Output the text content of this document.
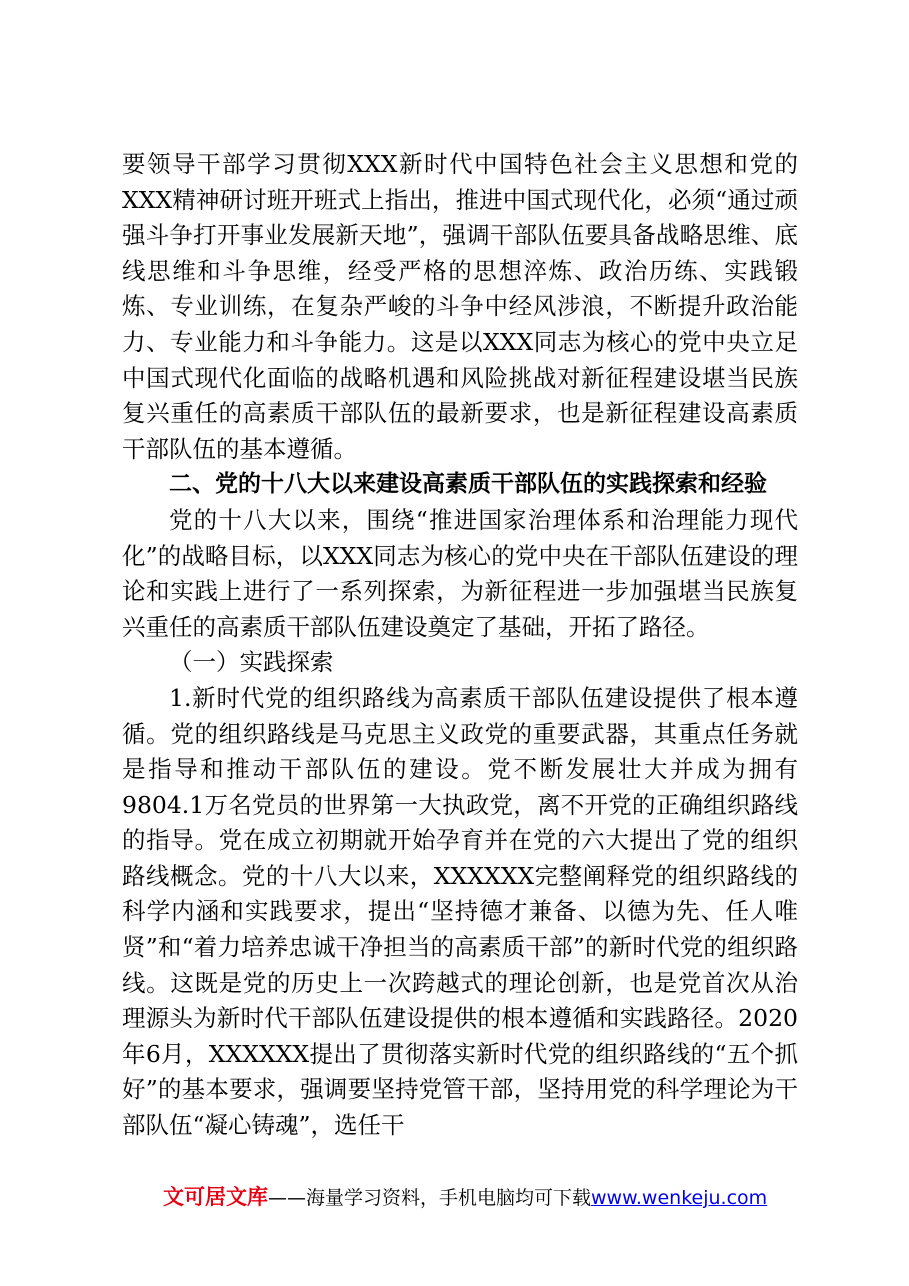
要领导干部学习贯彻XXX新时代中国特色社会主义思想和党的XXX精神研讨班开班式上指出，推进中国式现代化，必须“通过顽强斗争打开事业发展新天地”，强调干部队伍要具备战略思维、底线思维和斗争思维，经受严格的思想淬炼、政治历练、实践锻炼、专业训练，在复杂严峻的斗争中经风涉浪，不断提升政治能力、专业能力和斗争能力。这是以XXX同志为核心的党中央立足中国式现代化面临的战略机遇和风险挑战对新征程建设堪当民族复兴重任的高素质干部队伍的最新要求，也是新征程建设高素质干部队伍的基本遵循。

二、党的十八大以来建设高素质干部队伍的实践探索和经验

党的十八大以来，围绕“推进国家治理体系和治理能力现代化”的战略目标，以XXX同志为核心的党中央在干部队伍建设的理论和实践上进行了一系列探索，为新征程进一步加强堪当民族复兴重任的高素质干部队伍建设奠定了基础，开拓了路径。

（一）实践探索

1.新时代党的组织路线为高素质干部队伍建设提供了根本遵循。党的组织路线是马克思主义政党的重要武器，其重点任务就是指导和推动干部队伍的建设。党不断发展壮大并成为拥有9804.1万名党员的世界第一大执政党，离不开党的正确组织路线的指导。党在成立初期就开始孕育并在党的六大提出了党的组织路线概念。党的十八大以来，XXXXXX完整阐释党的组织路线的科学内涵和实践要求，提出“坚持德才兼备、以德为先、任人唯贤”和“着力培养忠诚干净担当的高素质干部”的新时代党的组织路线。这既是党的历史上一次跨越式的理论创新，也是党首次从治理源头为新时代干部队伍建设提供的根本遵循和实践路径。2020年6月，XXXXXX提出了贯彻落实新时代党的组织路线的“五个抓好”的基本要求，强调要坚持党管干部，坚持用党的科学理论为干部队伍“凝心铸魂”，选任干

文可居文库——海量学习资料，手机电脑均可下载www.wenkeju.com
